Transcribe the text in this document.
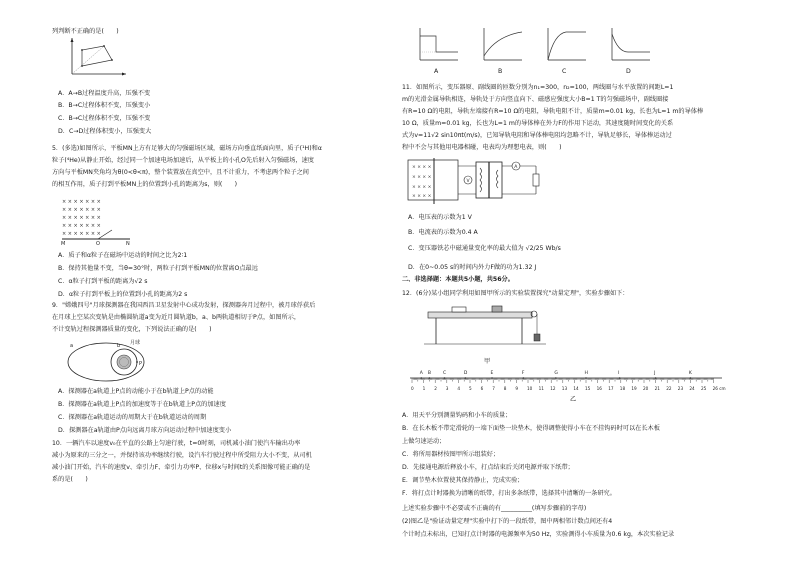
列判断不正确的是(　　)
A．A→B过程温度升高，压强不变
B．B→C过程体积不变，压强变小
C．B→C过程体积不变，压强不变
D．C→D过程体积变小，压强变大
5．(多选)如图所示，平板MN上方有足够大的匀强磁场区域，磁场方向垂直纸面向里，质子(¹H)和α
粒子(⁴He)从静止开始，经过同一个加速电场加速后，从平板上的小孔O先后射入匀强磁场，速度
方向与平板MN夹角均为θ(0<θ<π)，整个装置放在真空中，且不计重力，不考虑两个粒子之间
的相互作用，质子打到平板MN上的位置到小孔的距离为s，则(　　)
× × × × × × ×
× × × × × × ×
× × × × × × ×
× × × × × × ×
× × × × × × ×
M	O	N
A．质子和α粒子在磁场中运动的时间之比为2∶1
B．保持其他量不变，当θ=30°时，两粒子打到平板MN的位置离O点最远
C．α粒子打到平板的距离为√2 s
D．α粒子打到平板上的位置到小孔的距离为2 s
9．"嫦娥四号"月球探测器在我国西昌卫星发射中心成功发射，探测器奔月过程中，被月球俘获后
在月球上空某次变轨是由椭圆轨道a变为近月圆轨道b，a、b两轨道相切于P点，如图所示，
不计变轨过程探测器质量的变化，下列说法正确的是(　　)
P
a	b 月球
A．探测器在a轨道上P点的动能小于在b轨道上P点的动能
B．探测器在a轨道上P点的加速度等于在b轨道上P点的加速度
C．探测器在a轨道运动的周期大于在b轨道运动的周期
D．探测器在a轨道由P点向远离月球方向运动过程中加速度变小
10．一辆汽车以速度v₀在平直的公路上匀速行驶，t=0时刻，司机减小油门使汽车输出功率
减小为原来的三分之一，并保持该功率继续行驶，设汽车行驶过程中所受阻力大小不变，从司机
减小油门开始，汽车的速度v、牵引力F、牵引力功率P、位移x与时间t的关系图像可能正确的是
系的是(　　)
A	B	C	D
11．如图所示，变压器原、副线圈的匝数分别为n₁=300，n₂=100，两线圈与水平放置的间距L=1
m的光滑金属导轨相连，导轨处于方向竖直向下、磁感应强度大小B=1 T的匀强磁场中，副线圈接
有R=10 Ω的电阻，导轨左端接有R=10 Ω的电阻，导轨电阻不计，质量m=0.01 kg，长也为L=1 m的导体棒
10 Ω，质量m=0.01 kg，长也为L=1 m的导体棒在外力F的作用下运动，其速度随时间变化的关系
式为v=11√2 sin10πt(m/s)，已知导轨电阻和导体棒电阻均忽略不计，导轨足够长，导体棒运动过
程中不会与其他用电器相碰，电表均为理想电表，则(　　)
× × × ×
× × × ×
× × × ×
× × × ×
V
A
A．电压表的示数为1 V
B．电流表的示数为0.4 A
C．变压器铁芯中磁通量变化率的最大值为 √2/25 Wb/s
D．在0~0.05 s的时间内外力F做的功为1.32 J
二、非选择题：本题共5小题，共56分。
12．(6分)某小组同学利用如图甲所示的实验装置探究"动量定理"，实验步骤如下：
甲
A B	C	D	E	F	G	H	I	J	K
0 1 2 3 4 5 6 7 8 9 10 11 12 13 14 15 16 17 18 19 20 21 22 23 24 25 26 cm
乙
A．用天平分别测量钩码和小车的质量；
B．在长木板不带定滑轮的一端下面垫一块垫木，使得调整使得小车在不挂钩码时可以在长木板
上做匀速运动；
C．将所用器材按图甲所示组装好；
D．先接通电源后释放小车，打点结束后关闭电源并取下纸带；
E．调节垫木位置使其保持静止，完成实验；
F．将打点计时器换为清晰的纸带，打出多条纸带，选择其中清晰的一条研究。
上述实验步骤中不必要或不正确的有__________(填写步骤前的字母)
(2)图乙是"验证动量定理"实验中打下的一段纸带，图中两相邻计数点间还有4
个计时点未标出，已知打点计时器的电源频率为50 Hz，实验测得小车质量为0.6 kg，本次实验记录
